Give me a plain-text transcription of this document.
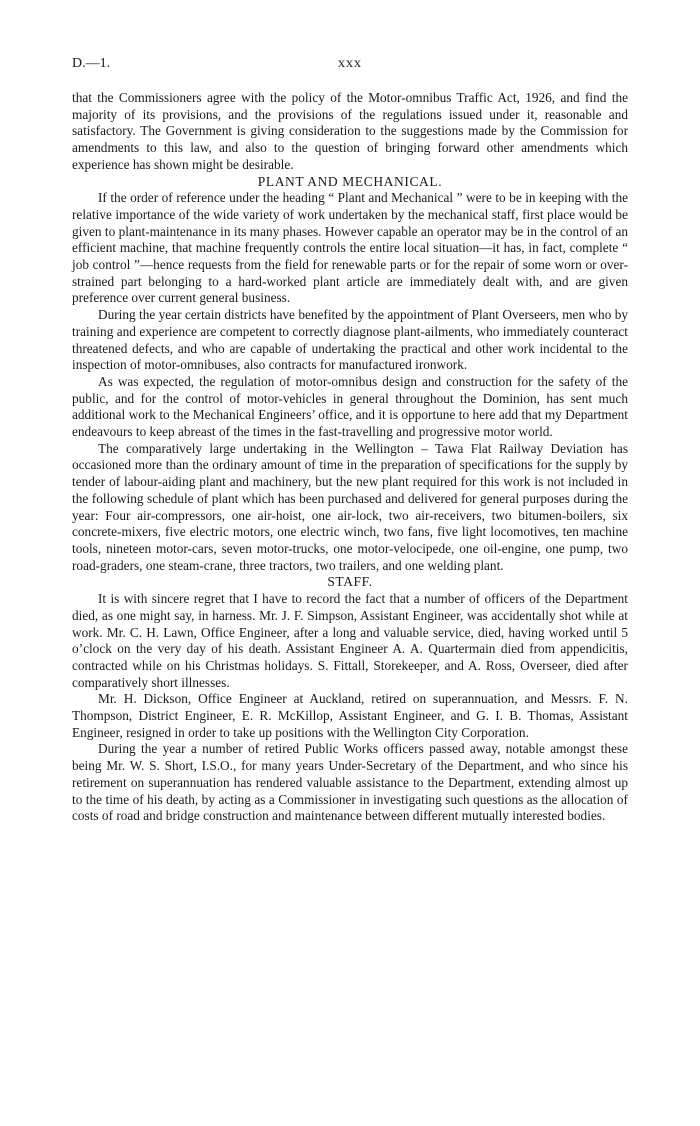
D.—1.	xxx

that the Commissioners agree with the policy of the Motor-omnibus Traffic Act, 1926, and find the majority of its provisions, and the provisions of the regulations issued under it, reasonable and satisfactory. The Government is giving consideration to the suggestions made by the Commission for amendments to this law, and also to the question of bringing forward other amendments which experience has shown might be desirable.

PLANT AND MECHANICAL.

If the order of reference under the heading “ Plant and Mechanical ” were to be in keeping with the relative importance of the wide variety of work undertaken by the mechanical staff, first place would be given to plant-maintenance in its many phases. However capable an operator may be in the control of an efficient machine, that machine frequently controls the entire local situation—it has, in fact, complete “ job control ”—hence requests from the field for renewable parts or for the repair of some worn or over-strained part belonging to a hard-worked plant article are immediately dealt with, and are given preference over current general business.

During the year certain districts have benefited by the appointment of Plant Overseers, men who by training and experience are competent to correctly diagnose plant-ailments, who immediately counteract threatened defects, and who are capable of undertaking the practical and other work incidental to the inspection of motor-omnibuses, also contracts for manufactured ironwork.

As was expected, the regulation of motor-omnibus design and construction for the safety of the public, and for the control of motor-vehicles in general throughout the Dominion, has sent much additional work to the Mechanical Engineers’ office, and it is opportune to here add that my Department endeavours to keep abreast of the times in the fast-travelling and progressive motor world.

The comparatively large undertaking in the Wellington – Tawa Flat Railway Deviation has occasioned more than the ordinary amount of time in the preparation of specifications for the supply by tender of labour-aiding plant and machinery, but the new plant required for this work is not included in the following schedule of plant which has been purchased and delivered for general purposes during the year: Four air-compressors, one air-hoist, one air-lock, two air-receivers, two bitumen-boilers, six concrete-mixers, five electric motors, one electric winch, two fans, five light locomotives, ten machine tools, nineteen motor-cars, seven motor-trucks, one motor-velocipede, one oil-engine, one pump, two road-graders, one steam-crane, three tractors, two trailers, and one welding plant.

STAFF.

It is with sincere regret that I have to record the fact that a number of officers of the Department died, as one might say, in harness. Mr. J. F. Simpson, Assistant Engineer, was accidentally shot while at work. Mr. C. H. Lawn, Office Engineer, after a long and valuable service, died, having worked until 5 o’clock on the very day of his death. Assistant Engineer A. A. Quartermain died from appendicitis, contracted while on his Christmas holidays. S. Fittall, Storekeeper, and A. Ross, Overseer, died after comparatively short illnesses.

Mr. H. Dickson, Office Engineer at Auckland, retired on superannuation, and Messrs. F. N. Thompson, District Engineer, E. R. McKillop, Assistant Engineer, and G. I. B. Thomas, Assistant Engineer, resigned in order to take up positions with the Wellington City Corporation.

During the year a number of retired Public Works officers passed away, notable amongst these being Mr. W. S. Short, I.S.O., for many years Under-Secretary of the Department, and who since his retirement on superannuation has rendered valuable assistance to the Department, extending almost up to the time of his death, by acting as a Commissioner in investigating such questions as the allocation of costs of road and bridge construction and maintenance between different mutually interested bodies.
